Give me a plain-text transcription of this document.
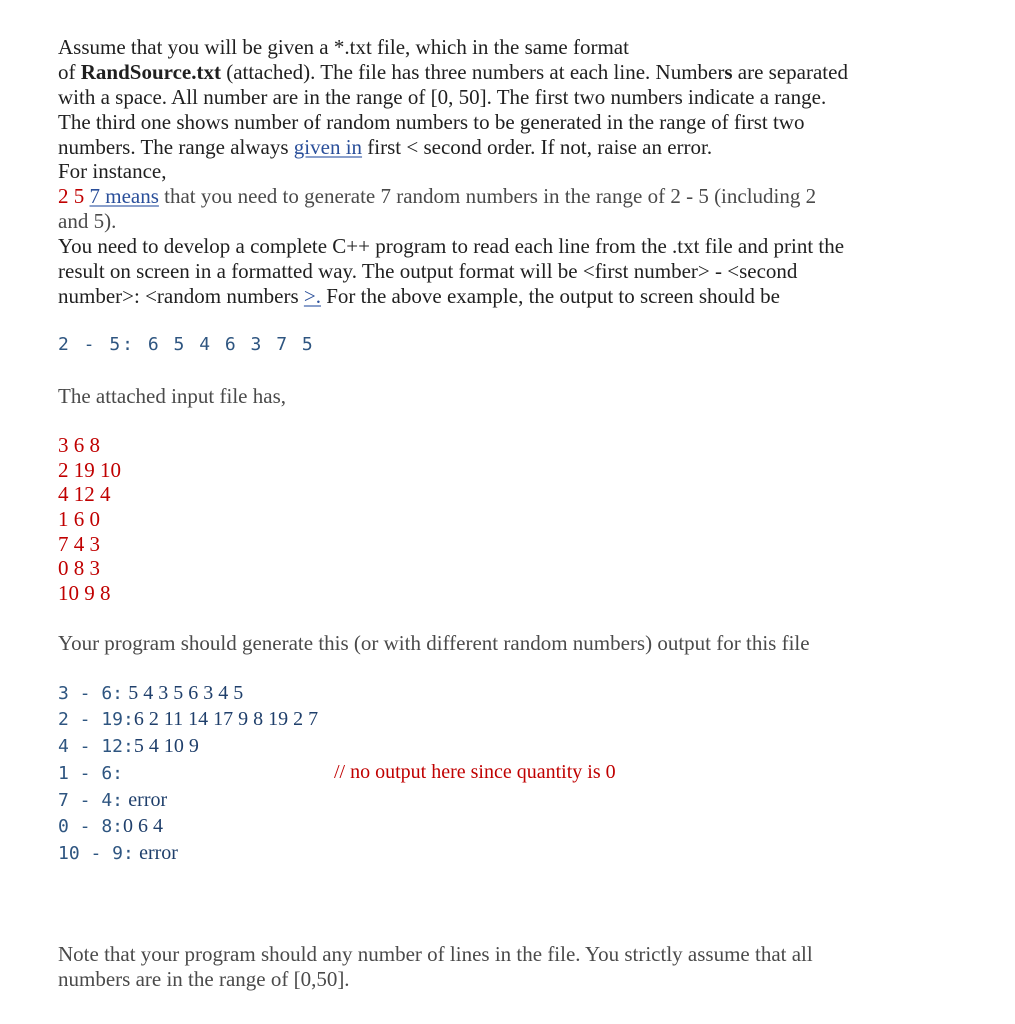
Assume that you will be given a *.txt file, which in the same format
of RandSource.txt (attached). The file has three numbers at each line. Numbers are separated
with a space. All number are in the range of [0, 50]. The first two numbers indicate a range.
The third one shows number of random numbers to be generated in the range of first two
numbers. The range always given in first < second order. If not, raise an error.
For instance,
2 5 7 means that you need to generate 7 random numbers in the range of 2 - 5 (including 2
and 5).
You need to develop a complete C++ program to read each line from the .txt file and print the
result on screen in a formatted way. The output format will be <first number> - <second
number>: <random numbers >. For the above example, the output to screen should be
2 - 5: 6 5 4 6 3 7 5
The attached input file has,
3 6 8
2 19 10
4 12 4
1 6 0
7 4 3
0 8 3
10 9 8
Your program should generate this (or with different random numbers) output for this file
3 - 6: 5 4 3 5 6 3 4 5
2 - 19:6 2 11 14 17 9 8 19 2 7
4 - 12:5 4 10 9
1 - 6:	// no output here since quantity is 0
7 - 4: error
0 - 8:0 6 4
10 - 9: error
Note that your program should any number of lines in the file. You strictly assume that all
numbers are in the range of [0,50].
